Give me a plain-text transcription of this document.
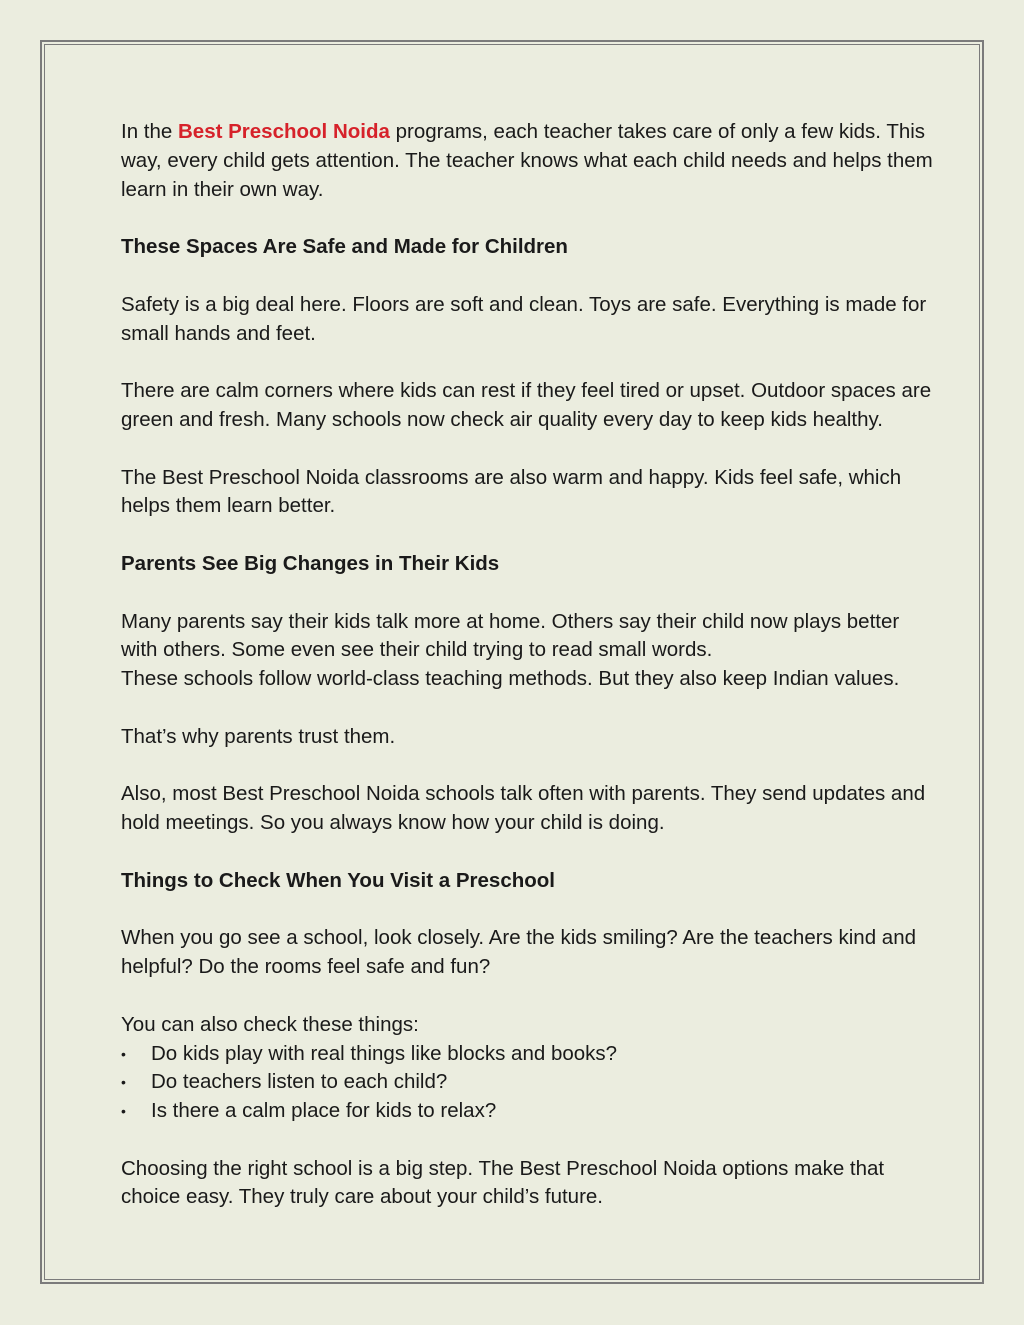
In the Best Preschool Noida programs, each teacher takes care of only a few kids. This way, every child gets attention. The teacher knows what each child needs and helps them learn in their own way.

These Spaces Are Safe and Made for Children

Safety is a big deal here. Floors are soft and clean. Toys are safe. Everything is made for small hands and feet.

There are calm corners where kids can rest if they feel tired or upset. Outdoor spaces are green and fresh. Many schools now check air quality every day to keep kids healthy.

The Best Preschool Noida classrooms are also warm and happy. Kids feel safe, which helps them learn better.

Parents See Big Changes in Their Kids

Many parents say their kids talk more at home. Others say their child now plays better with others. Some even see their child trying to read small words.

These schools follow world-class teaching methods. But they also keep Indian values.

That’s why parents trust them.

Also, most Best Preschool Noida schools talk often with parents. They send updates and hold meetings. So you always know how your child is doing.

Things to Check When You Visit a Preschool

When you go see a school, look closely. Are the kids smiling? Are the teachers kind and helpful? Do the rooms feel safe and fun?

You can also check these things:

• Do kids play with real things like blocks and books?
• Do teachers listen to each child?
• Is there a calm place for kids to relax?

Choosing the right school is a big step. The Best Preschool Noida options make that choice easy. They truly care about your child’s future.
